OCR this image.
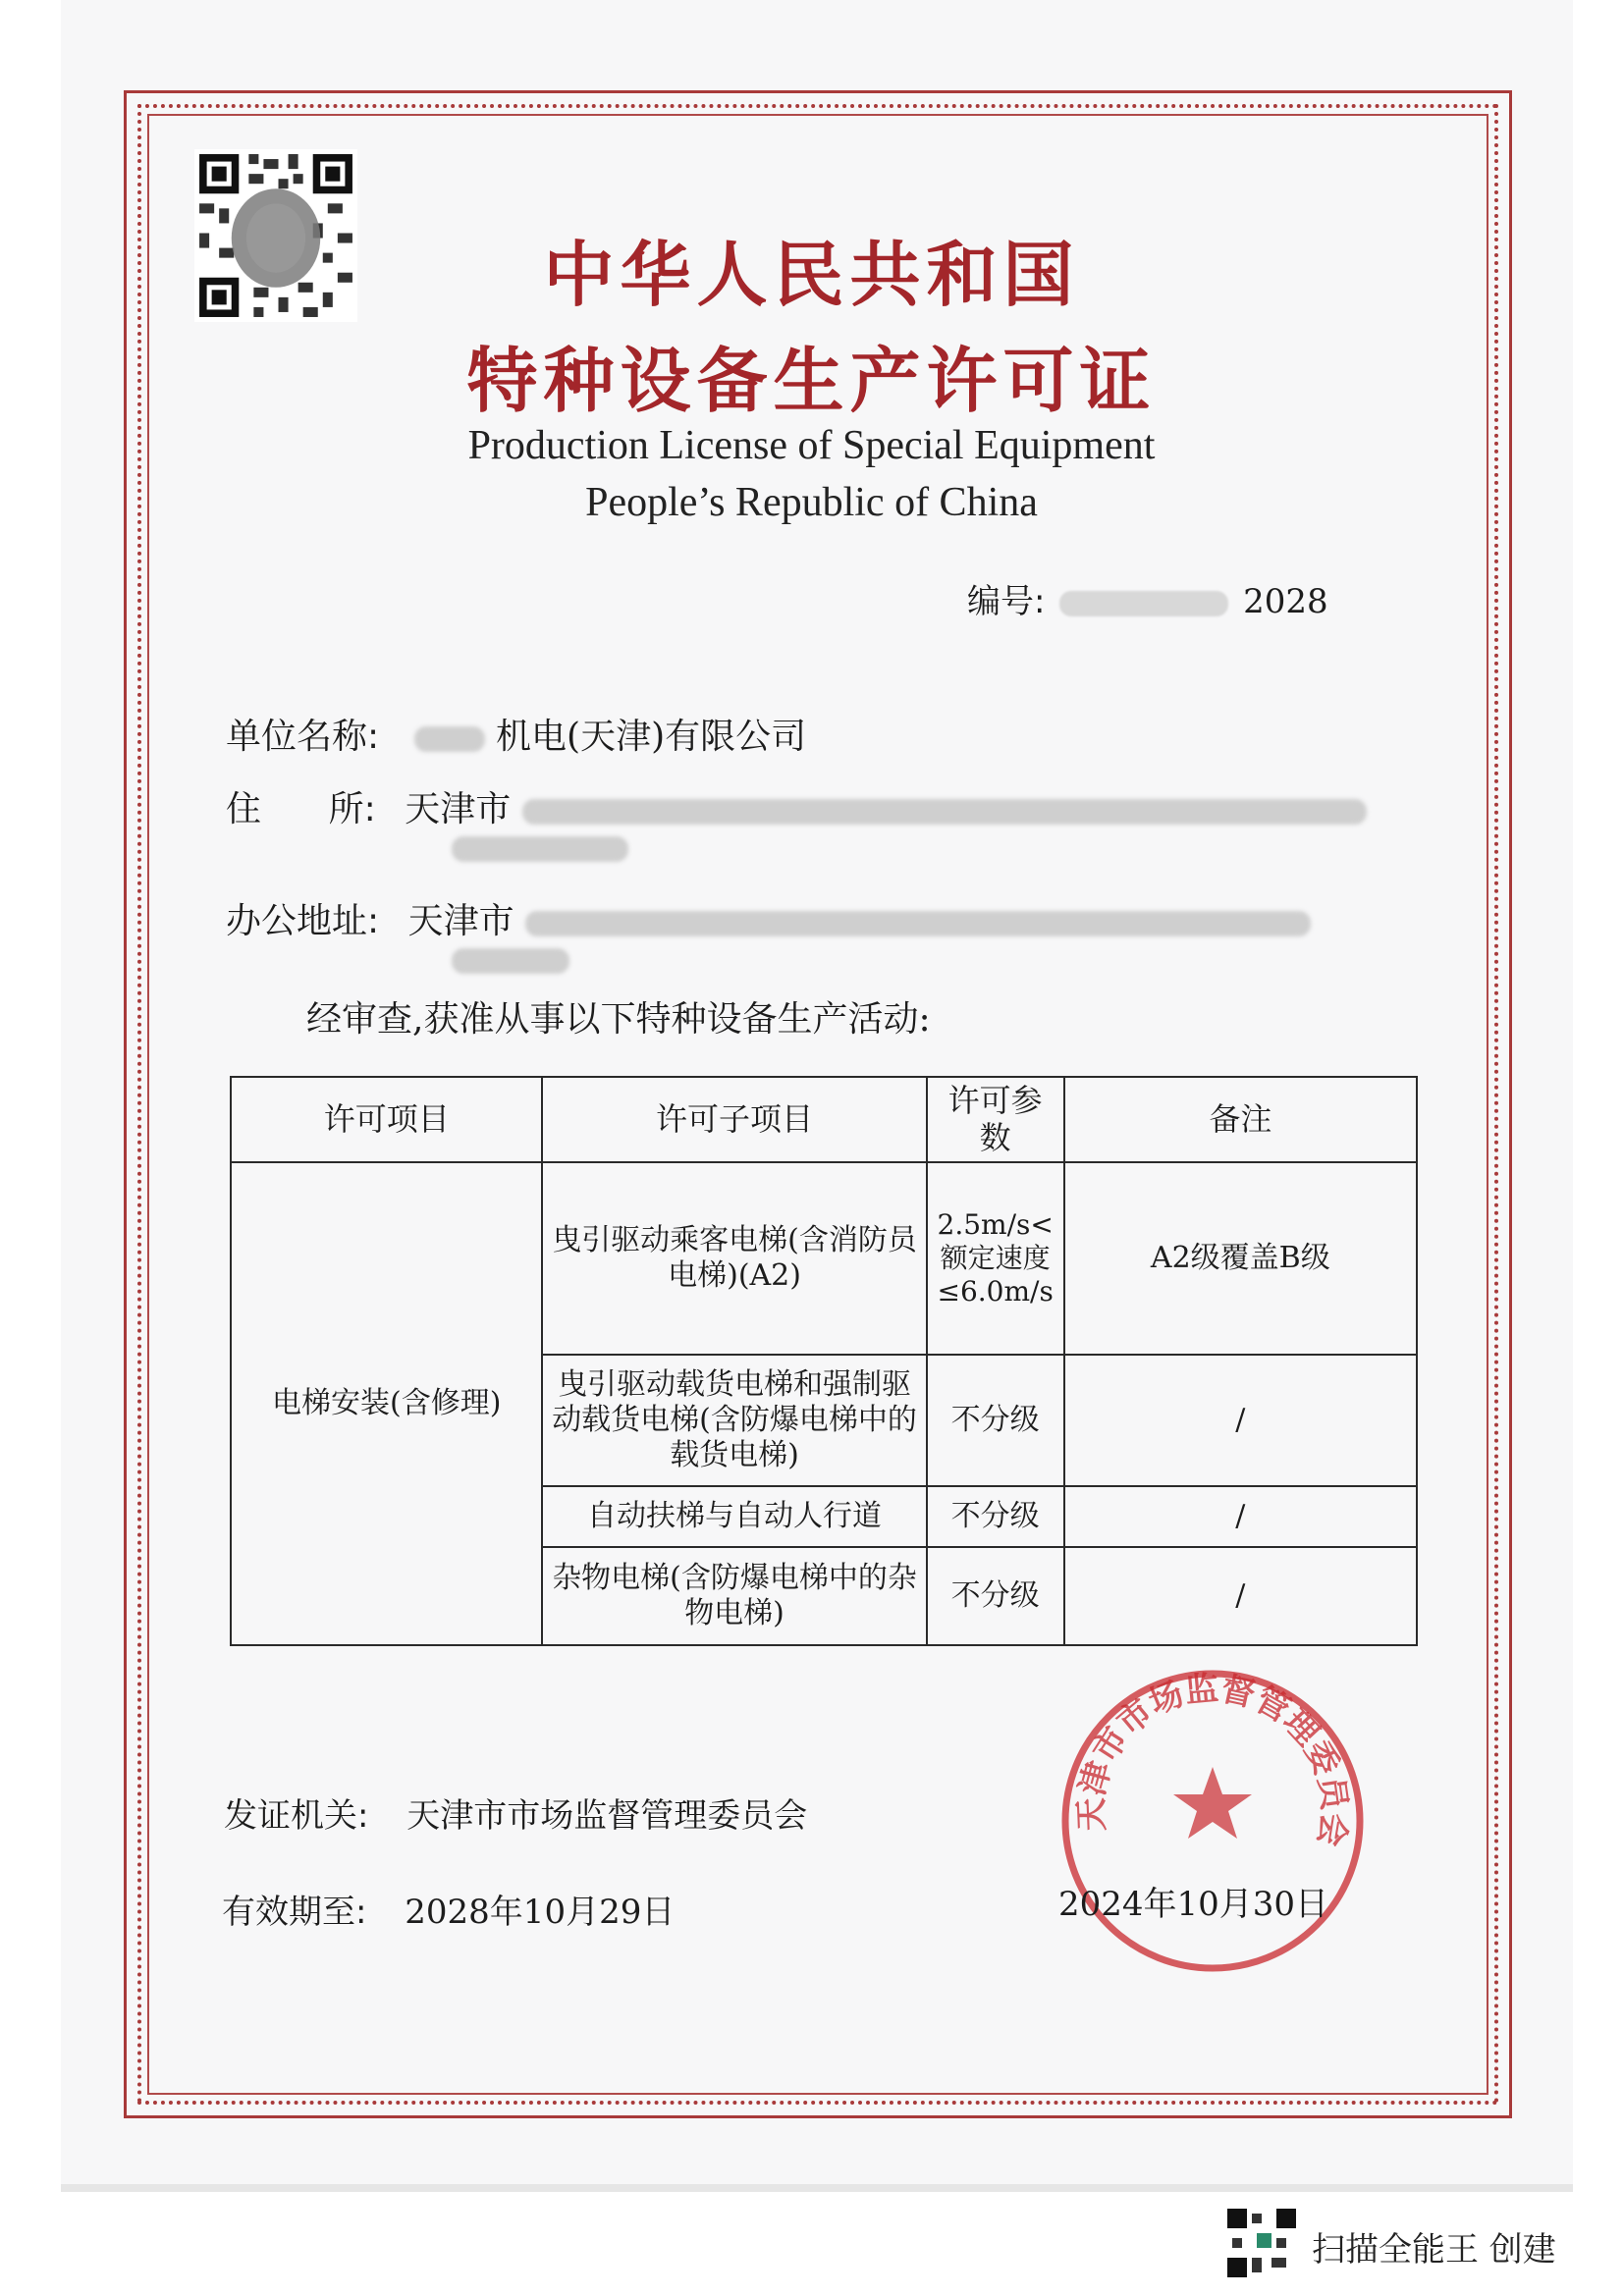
中华人民共和国
特种设备生产许可证
Production License of Special Equipment
People’s Republic of China
编号:	2028
单位名称:	机电(天津)有限公司
住      所: 天津市
办公地址: 天津市
经审查,获准从事以下特种设备生产活动:
许可项目	许可子项目	许可参数	备注
电梯安装(含修理)	曳引驱动乘客电梯(含消防员电梯)(A2)	2.5m/s<额定速度≤6.0m/s	A2级覆盖B级
	曳引驱动载货电梯和强制驱动载货电梯(含防爆电梯中的载货电梯)	不分级	/
	自动扶梯与自动人行道	不分级	/
	杂物电梯(含防爆电梯中的杂物电梯)	不分级	/
天津市市场监督管理委员会
发证机关: 天津市市场监督管理委员会
有效期至: 2028年10月29日	2024年10月30日
扫描全能王 创建
